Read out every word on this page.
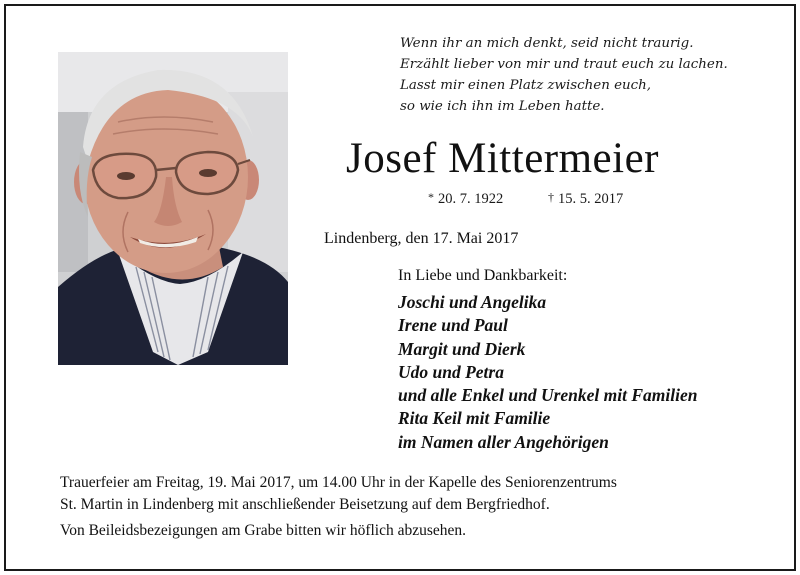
Wenn ihr an mich denkt, seid nicht traurig.
Erzählt lieber von mir und traut euch zu lachen.
Lasst mir einen Platz zwischen euch,
so wie ich ihn im Leben hatte.
Josef Mittermeier
* 20. 7. 1922	† 15. 5. 2017
Lindenberg, den 17. Mai 2017
In Liebe und Dankbarkeit:
Joschi und Angelika
Irene und Paul
Margit und Dierk
Udo und Petra
und alle Enkel und Urenkel mit Familien
Rita Keil mit Familie
im Namen aller Angehörigen
Trauerfeier am Freitag, 19. Mai 2017, um 14.00 Uhr in der Kapelle des Seniorenzentrums
St. Martin in Lindenberg mit anschließender Beisetzung auf dem Bergfriedhof.
Von Beileidsbezeigungen am Grabe bitten wir höflich abzusehen.
